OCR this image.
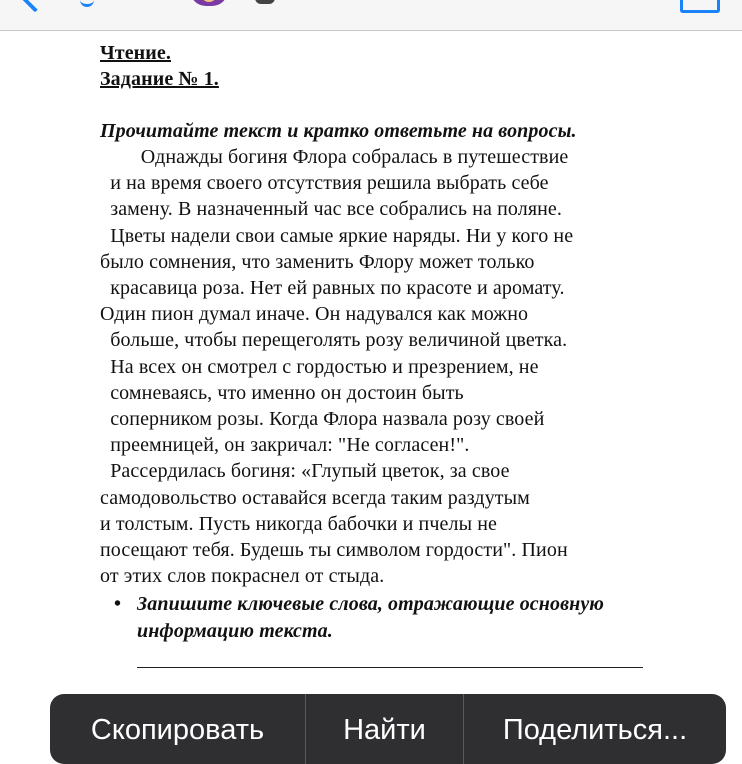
Чтение.
Задание № 1.
Прочитайте текст и кратко ответьте на вопросы.
Однажды богиня Флора собралась в путешествие
и на время своего отсутствия решила выбрать себе
замену. В назначенный час все собрались на поляне.
Цветы надели свои самые яркие наряды. Ни у кого не
было сомнения, что заменить Флору может только
красавица роза. Нет ей равных по красоте и аромату.
Один пион думал иначе. Он надувался как можно
больше, чтобы перещеголять розу величиной цветка.
На всех он смотрел с гордостью и презрением, не
сомневаясь, что именно он достоин быть
соперником розы. Когда Флора назвала розу своей
преемницей, он закричал: "Не согласен!".
Рассердилась богиня: «Глупый цветок, за свое
самодовольство оставайся всегда таким раздутым
и толстым. Пусть никогда бабочки и пчелы не
посещают тебя. Будешь ты символом гордости". Пион
от этих слов покраснел от стыда.
• Запишите ключевые слова, отражающие основную
информацию текста.
Скопировать	Найти	Поделиться...
